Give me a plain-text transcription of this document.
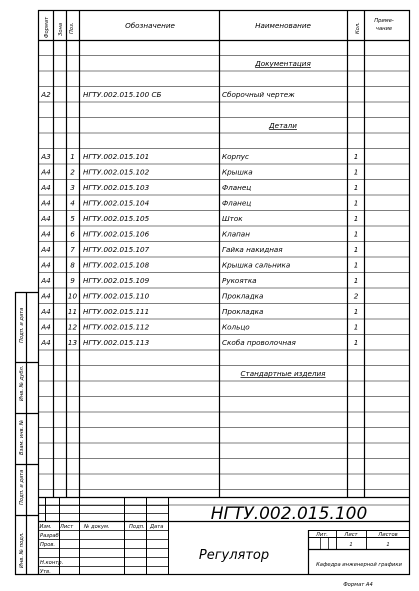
Формат Зона Поз.	Обозначение	Наименование	Кол.
Приме-
чание
Документация
А2	НГТУ.002.015.100 СБ	Сборочный чертеж
Детали
А3	1 НГТУ.002.015.101	Корпус	1
А4	2 НГТУ.002.015.102	Крышка	1
А4	3 НГТУ.002.015.103	Фланец	1
А4	4 НГТУ.002.015.104	Фланец	1
А4	5 НГТУ.002.015.105	Шток	1
А4	6 НГТУ.002.015.106	Клапан	1
А4	7 НГТУ.002.015.107	Гайка накидная	1
А4	8 НГТУ.002.015.108	Крышка сальника	1
А4	9 НГТУ.002.015.109	Рукоятка	1
А4 10 НГТУ.002.015.110	Прокладка	2
А4 11 НГТУ.002.015.111	Прокладка	1
А4 12 НГТУ.002.015.112	Кольцо	1
А4 13 НГТУ.002.015.113	Скоба проволочная	1
Стандартные изделия
Подп. и дата
Инв. № дубл.
Взам. инв. №
Подп. и дата
Инв. № подл.
НГТУ.002.015.100
Регулятор
Изм. Лист № докум.	Подп. Дата
Разраб.
Пров.
Н.контр.
Утв.
Лит.	Лист	Листов
1	1
Кафедра инженерной графики
Формат А4
